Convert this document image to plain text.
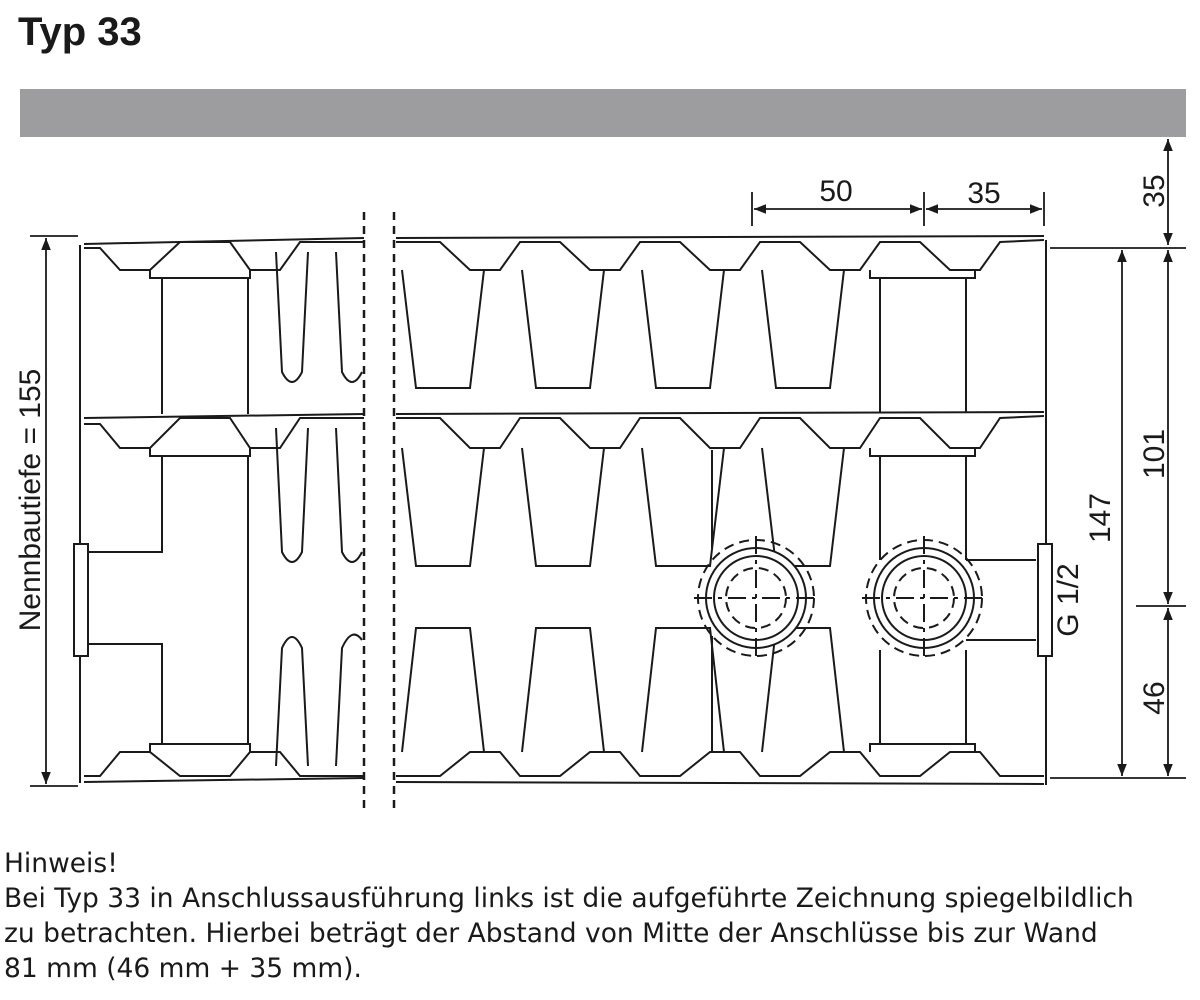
Typ 33
50	35	35
101
46
147
G 1/2
Nennbautiefe = 155

Hinweis!

Bei Typ 33 in Anschlussausführung links ist die aufgeführte Zeichnung spiegelbildlich

zu betrachten. Hierbei beträgt der Abstand von Mitte der Anschlüsse bis zur Wand

81 mm (46 mm + 35 mm).
